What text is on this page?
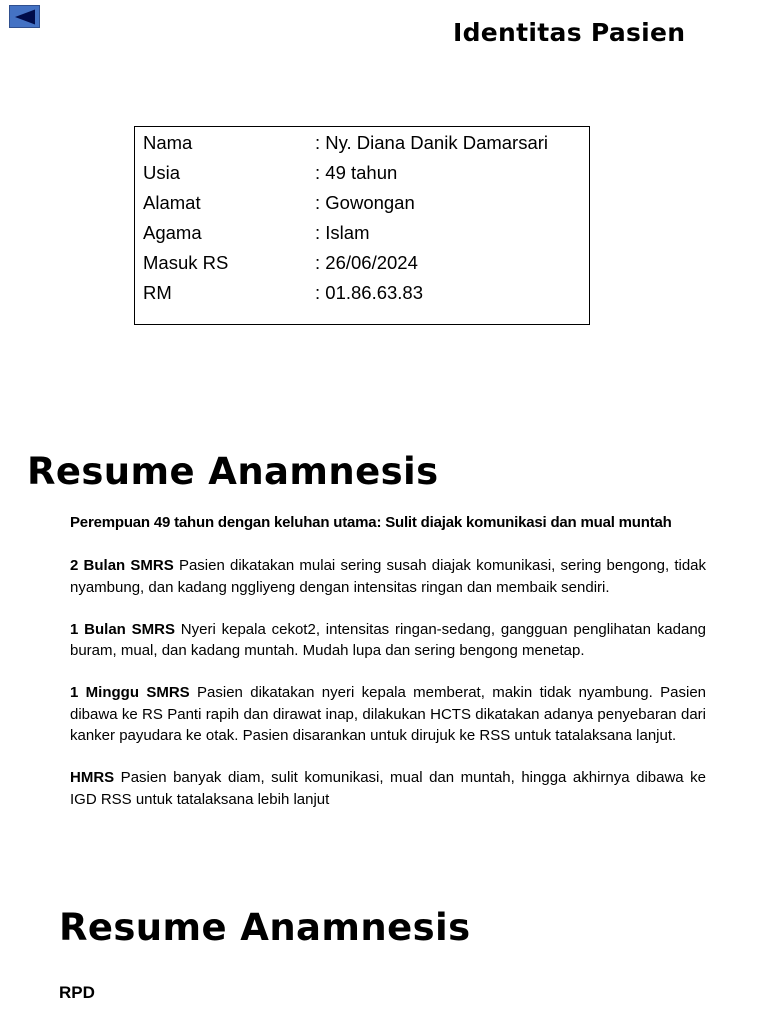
Identitas Pasien
Nama	: Ny. Diana Danik Damarsari
Usia	: 49 tahun
Alamat	: Gowongan
Agama	: Islam
Masuk RS	: 26/06/2024
RM	: 01.86.63.83
Resume Anamnesis

Perempuan 49 tahun dengan keluhan utama: Sulit diajak komunikasi dan mual muntah

2 Bulan SMRS Pasien dikatakan mulai sering susah diajak komunikasi, sering bengong, tidak nyambung, dan kadang nggliyeng dengan intensitas ringan dan membaik sendiri.

1 Bulan SMRS Nyeri kepala cekot2, intensitas ringan-sedang, gangguan penglihatan kadang buram, mual, dan kadang muntah. Mudah lupa dan sering bengong menetap.

1 Minggu SMRS Pasien dikatakan nyeri kepala memberat, makin tidak nyambung. Pasien dibawa ke RS Panti rapih dan dirawat inap, dilakukan HCTS dikatakan adanya penyebaran dari kanker payudara ke otak. Pasien disarankan untuk dirujuk ke RSS untuk tatalaksana lanjut.

HMRS Pasien banyak diam, sulit komunikasi, mual dan muntah, hingga akhirnya dibawa ke IGD RSS untuk tatalaksana lebih lanjut

Resume Anamnesis
RPD
